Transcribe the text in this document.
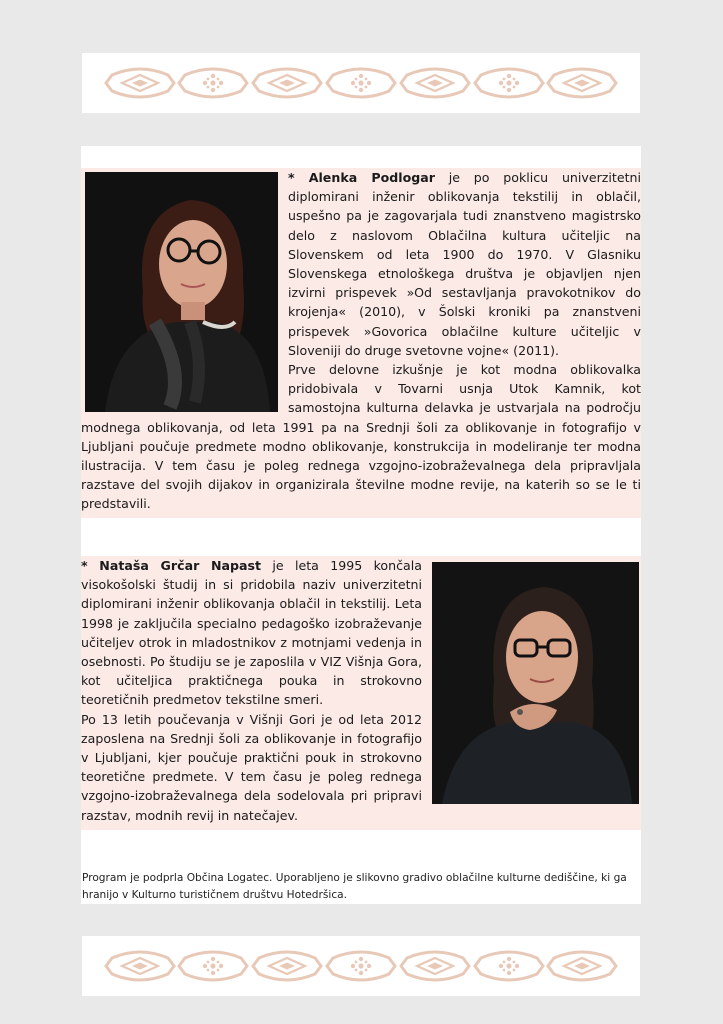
* Alenka Podlogar je po poklicu univerzitetni diplomirani inženir oblikovanja tekstilij in oblačil, uspešno pa je zagovarjala tudi znanstveno magistrsko delo z naslovom Oblačilna kultura učiteljic na Slovenskem od leta 1900 do 1970. V Glasniku Slovenskega etnološkega društva je objavljen njen izvirni prispevek »Od sestavljanja pravokotnikov do krojenja« (2010), v Šolski kroniki pa znanstveni prispevek »Govorica oblačilne kulture učiteljic v Sloveniji do druge svetovne vojne« (2011).

Prve delovne izkušnje je kot modna oblikovalka pridobivala v Tovarni usnja Utok Kamnik, kot samostojna kulturna delavka je ustvarjala na področju modnega oblikovanja, od leta 1991 pa na Srednji šoli za oblikovanje in fotografijo v Ljubljani poučuje predmete modno oblikovanje, konstrukcija in modeliranje ter modna ilustracija. V tem času je poleg rednega vzgojno-izobraževalnega dela pripravljala razstave del svojih dijakov in organizirala številne modne revije, na katerih so se le ti predstavili.

* Nataša Grčar Napast je leta 1995 končala visokošolski študij in si pridobila naziv univerzitetni diplomirani inženir oblikovanja oblačil in tekstilij. Leta 1998 je zaključila specialno pedagoško izobraževanje učiteljev otrok in mladostnikov z motnjami vedenja in osebnosti. Po študiju se je zaposlila v VIZ Višnja Gora, kot učiteljica praktičnega pouka in strokovno teoretičnih predmetov tekstilne smeri.

Po 13 letih poučevanja v Višnji Gori je od leta 2012 zaposlena na Srednji šoli za oblikovanje in fotografijo v Ljubljani, kjer poučuje praktični pouk in strokovno teoretične predmete. V tem času je poleg rednega vzgojno-izobraževalnega dela sodelovala pri pripravi razstav, modnih revij in natečajev.

Program je podprla Občina Logatec. Uporabljeno je slikovno gradivo oblačilne kulturne dediščine, ki ga hranijo v Kulturno turističnem društvu Hotedršica.
